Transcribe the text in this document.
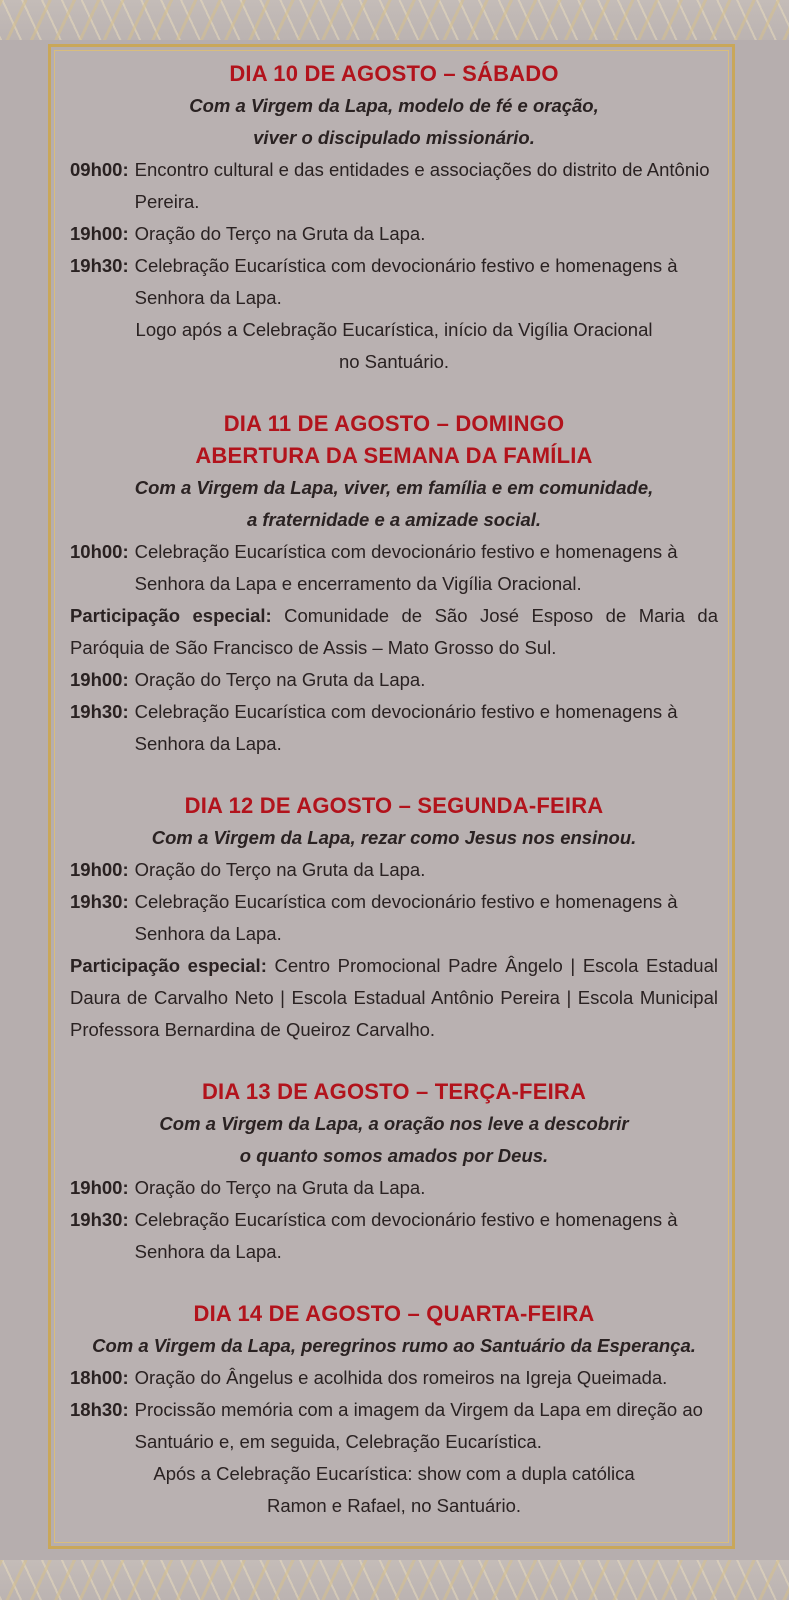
DIA 10 DE AGOSTO – SÁBADO

Com a Virgem da Lapa, modelo de fé e oração,

viver o discipulado missionário.

09h00: Encontro cultural e das entidades e associações do distrito de Antônio Pereira.
19h00: Oração do Terço na Gruta da Lapa.
19h30: Celebração Eucarística com devocionário festivo e homenagens à Senhora da Lapa.
Logo após a Celebração Eucarística, início da Vigília Oracional
no Santuário.

DIA 11 DE AGOSTO – DOMINGO

ABERTURA DA SEMANA DA FAMÍLIA

Com a Virgem da Lapa, viver, em família e em comunidade,

a fraternidade e a amizade social.

10h00: Celebração Eucarística com devocionário festivo e homenagens à Senhora da Lapa e encerramento da Vigília Oracional.
Participação especial: Comunidade de São José Esposo de Maria da Paróquia de São Francisco de Assis – Mato Grosso do Sul.
19h00: Oração do Terço na Gruta da Lapa.
19h30: Celebração Eucarística com devocionário festivo e homenagens à Senhora da Lapa.

DIA 12 DE AGOSTO – SEGUNDA-FEIRA

Com a Virgem da Lapa, rezar como Jesus nos ensinou.

19h00: Oração do Terço na Gruta da Lapa.
19h30: Celebração Eucarística com devocionário festivo e homenagens à Senhora da Lapa.
Participação especial: Centro Promocional Padre Ângelo | Escola Estadual Daura de Carvalho Neto | Escola Estadual Antônio Pereira | Escola Municipal Professora Bernardina de Queiroz Carvalho.

DIA 13 DE AGOSTO – TERÇA-FEIRA

Com a Virgem da Lapa, a oração nos leve a descobrir

o quanto somos amados por Deus.

19h00: Oração do Terço na Gruta da Lapa.
19h30: Celebração Eucarística com devocionário festivo e homenagens à Senhora da Lapa.

DIA 14 DE AGOSTO – QUARTA-FEIRA

Com a Virgem da Lapa, peregrinos rumo ao Santuário da Esperança.

18h00: Oração do Ângelus e acolhida dos romeiros na Igreja Queimada.
18h30: Procissão memória com a imagem da Virgem da Lapa em direção ao Santuário e, em seguida, Celebração Eucarística.
Após a Celebração Eucarística: show com a dupla católica
Ramon e Rafael, no Santuário.
